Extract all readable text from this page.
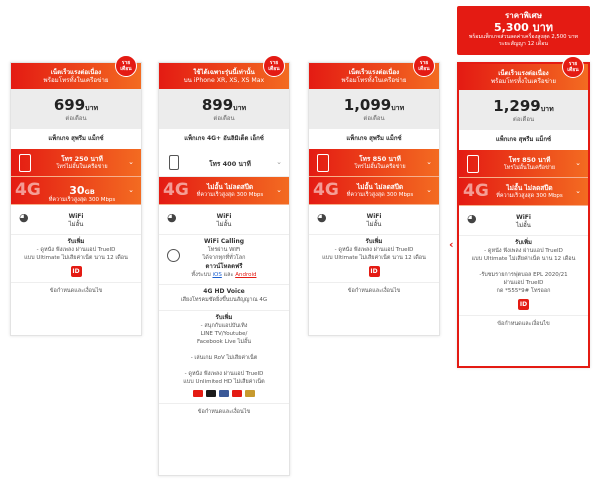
ราคาพิเศษ
5,300 บาท
พร้อมแพ็กเกจส่วนลดค่าเครื่องสูงสุด 2,500 บาท
ระยะสัญญา 12 เดือน
เน็ตเร็วแรงต่อเนื่อง
พร้อมโทรทั้งในเครือข่าย
ราย เดือน
699บาท
ต่อเดือน
แพ็กเกจ สุพรีม แม็กซ์
โทร 250 นาที
โทรไม่อั้นในเครือข่าย
⌄
4G	30GB
ที่ความเร็วสูงสุด 300 Mbps
⌄
◕	WiFi
ไม่อั้น
รับเพิ่ม
- ดูหนัง ฟังเพลง ผ่านแอป TrueID
แบบ Ultimate ไม่เสียค่าเน็ต นาน 12 เดือน
ID
ข้อกำหนดและเงื่อนไข
ใช้ได้เฉพาะรุ่นนี้เท่านั้น
บน iPhone XR, XS, XS Max
ราย เดือน
899บาท
ต่อเดือน
แพ็กเกจ 4G+ อันลิมิเต็ด เอ็กซ์
โทร 400 นาที	⌄
4G	ไม่อั้น ไม่ลดสปีด
ที่ความเร็วสูงสุด 300 Mbps
⌄
◕	WiFi
ไม่อั้น
WiFi Calling
โทรผ่าน WiFi
ได้จากทุกที่ทั่วโลก
ดาวน์โหลดฟรี
ทั้งระบบ iOS และ Android
4G HD Voice
เสียงโทรคมชัดยิ่งขึ้นบนสัญญาณ 4G
รับเพิ่ม
- สนุกกับแอปบันเทิง
LINE TV/Youtube/
Facebook Live ไม่อั้น

- เล่นเกม RoV ไม่เสียค่าเน็ต

- ดูหนัง ฟังเพลง ผ่านแอป TrueID
แบบ Unlimited HD ไม่เสียค่าเน็ต
ข้อกำหนดและเงื่อนไข
เน็ตเร็วแรงต่อเนื่อง
พร้อมโทรทั้งในเครือข่าย
ราย เดือน
1,099บาท
ต่อเดือน
แพ็กเกจ สุพรีม แม็กซ์
โทร 850 นาที
โทรไม่อั้นในเครือข่าย
⌄
4G	ไม่อั้น ไม่ลดสปีด
ที่ความเร็วสูงสุด 300 Mbps
⌄
◕	WiFi
ไม่อั้น
รับเพิ่ม
- ดูหนัง ฟังเพลง ผ่านแอป TrueID
แบบ Ultimate ไม่เสียค่าเน็ต นาน 12 เดือน
ID
ข้อกำหนดและเงื่อนไข
‹
เน็ตเร็วแรงต่อเนื่อง
พร้อมโทรทั้งในเครือข่าย
ราย เดือน
1,299บาท
ต่อเดือน
แพ็กเกจ สุพรีม แม็กซ์
โทร 850 นาที
โทรไม่อั้นในเครือข่าย
⌄
4G	ไม่อั้น ไม่ลดสปีด
ที่ความเร็วสูงสุด 300 Mbps
⌄
◕	WiFi
ไม่อั้น
รับเพิ่ม
- ดูหนัง ฟังเพลง ผ่านแอป TrueID
แบบ Ultimate ไม่เสียค่าเน็ต นาน 12 เดือน

-รับชมรายการฟุตบอล EPL 2020/21
ผ่านแอป TrueID
กด *555*9# โทรออก
ID
ข้อกำหนดและเงื่อนไข
